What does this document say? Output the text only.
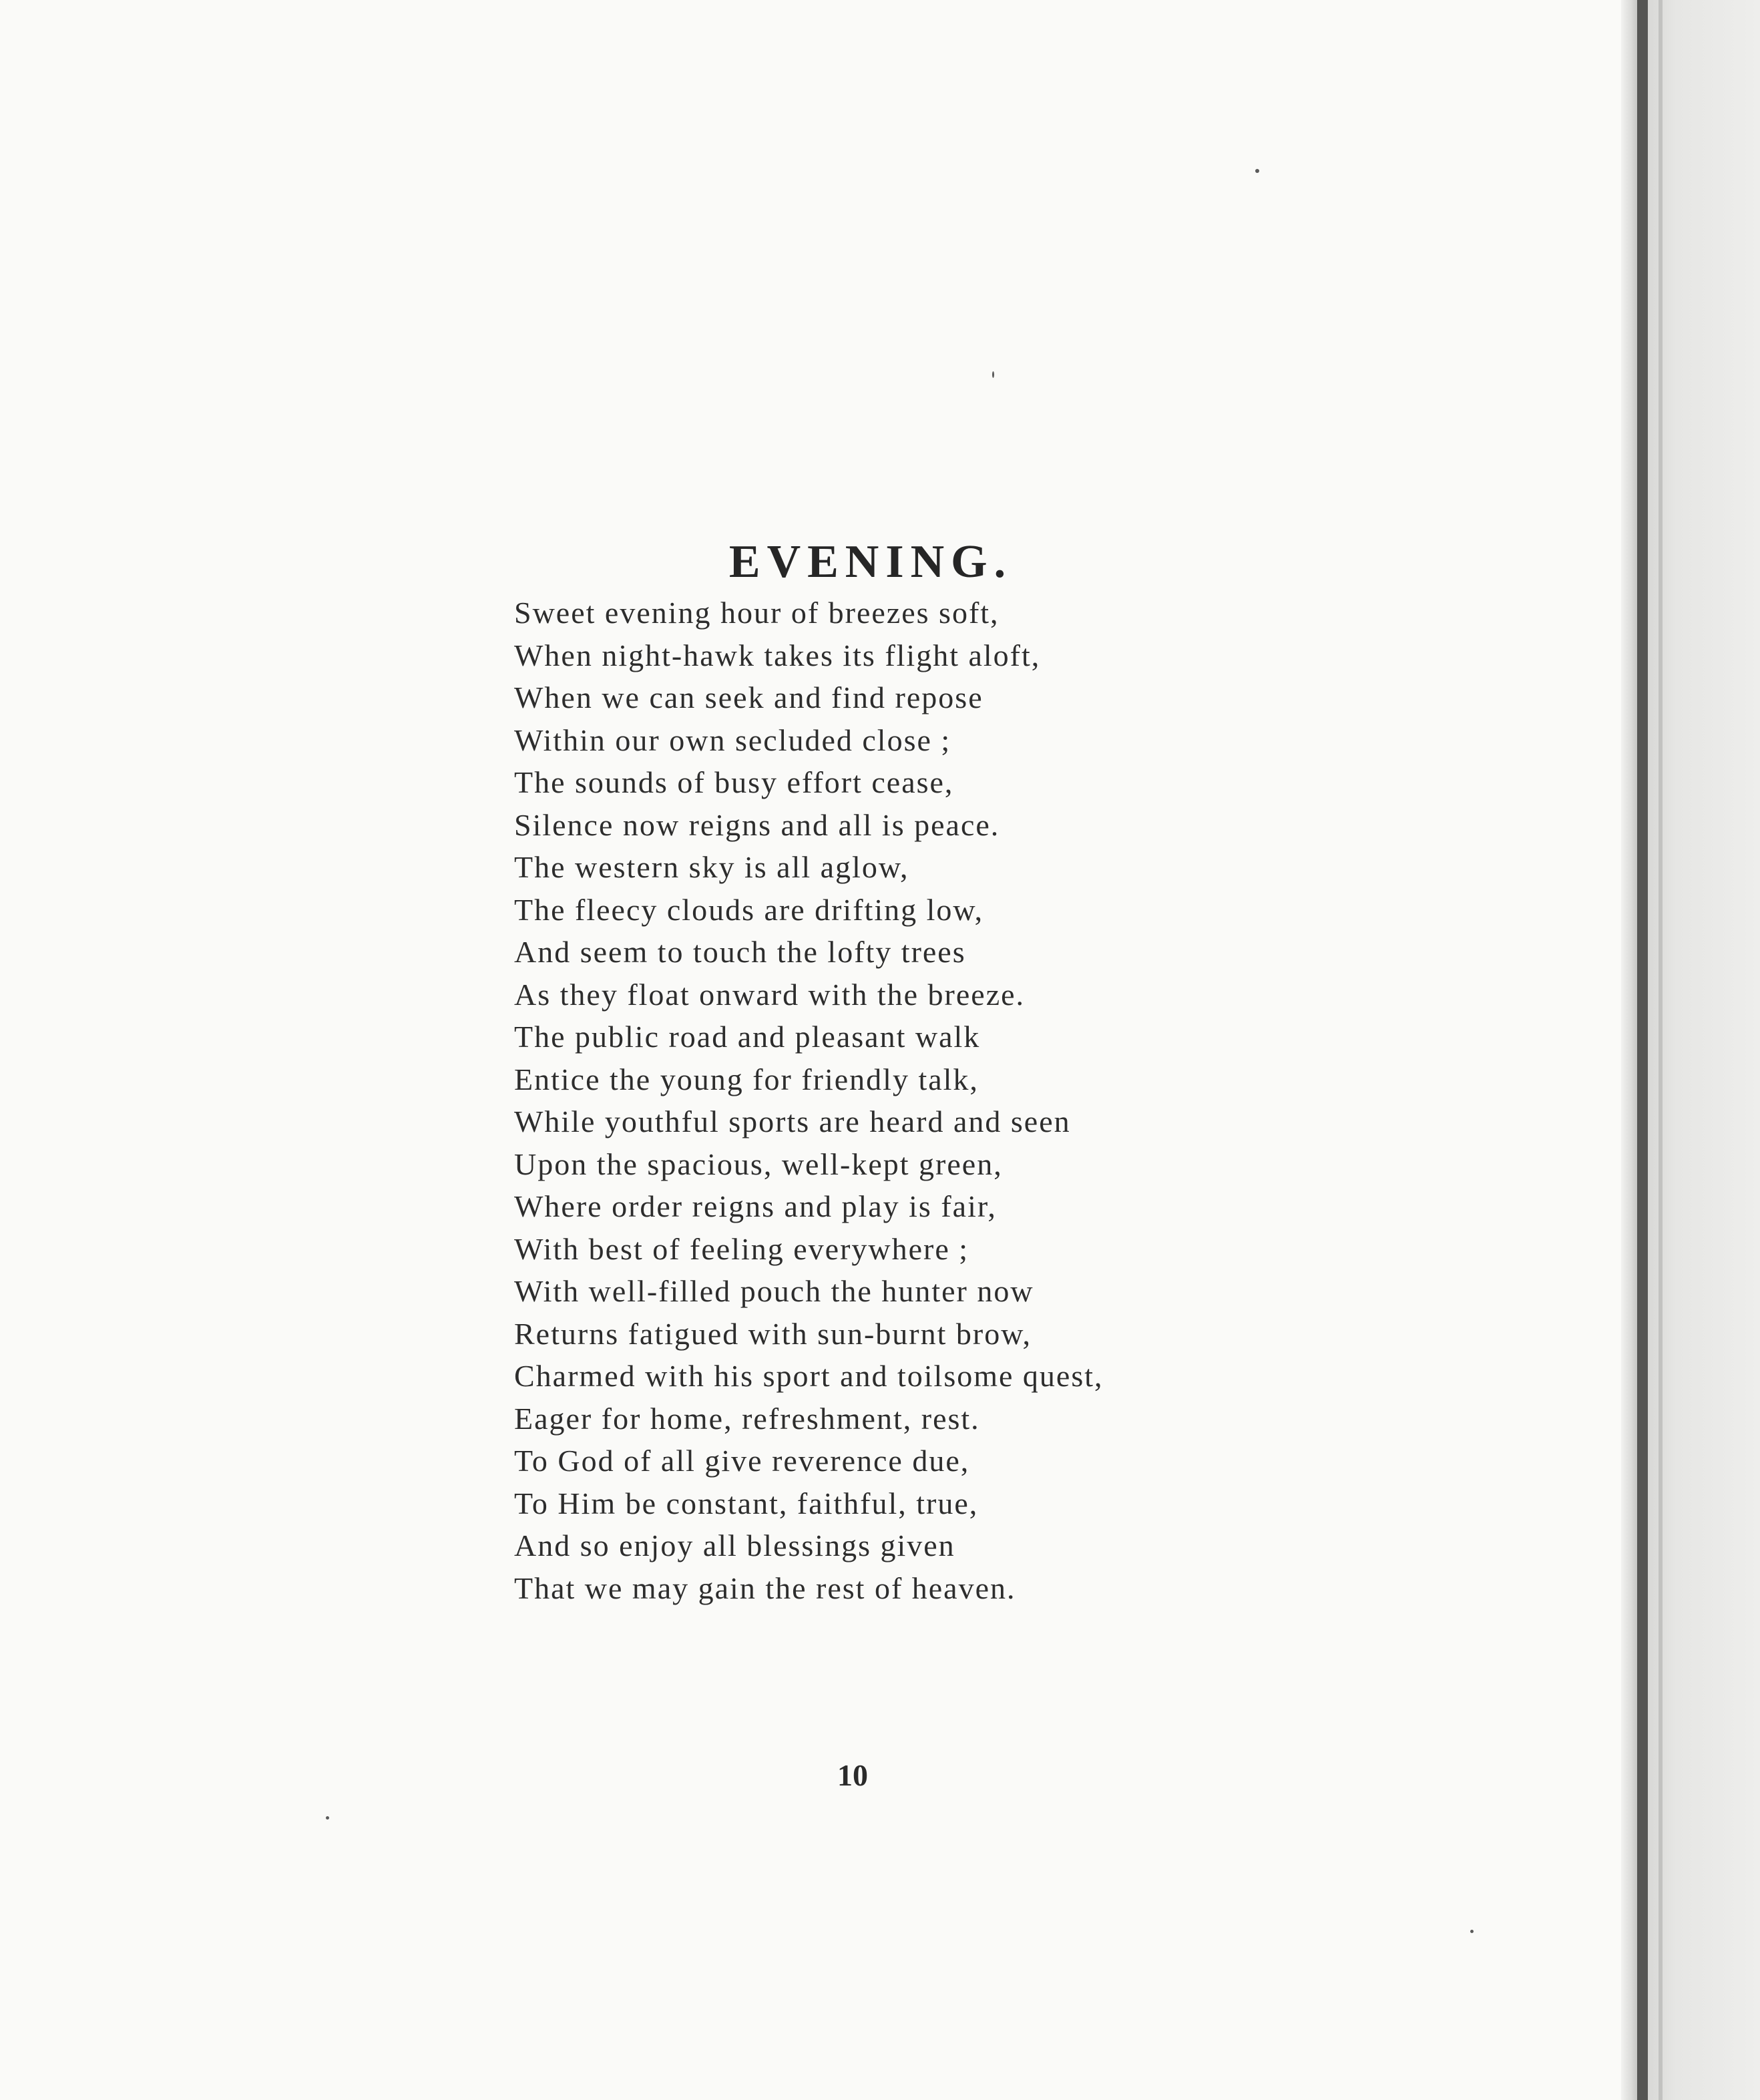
EVENING.
Sweet evening hour of breezes soft,
When night-hawk takes its flight aloft,
When we can seek and find repose
Within our own secluded close ;
The sounds of busy effort cease,
Silence now reigns and all is peace.
The western sky is all aglow,
The fleecy clouds are drifting low,
And seem to touch the lofty trees
As they float onward with the breeze.
The public road and pleasant walk
Entice the young for friendly talk,
While youthful sports are heard and seen
Upon the spacious, well-kept green,
Where order reigns and play is fair,
With best of feeling everywhere ;
With well-filled pouch the hunter now
Returns fatigued with sun-burnt brow,
Charmed with his sport and toilsome quest,
Eager for home, refreshment, rest.
To God of all give reverence due,
To Him be constant, faithful, true,
And so enjoy all blessings given
That we may gain the rest of heaven.
10
